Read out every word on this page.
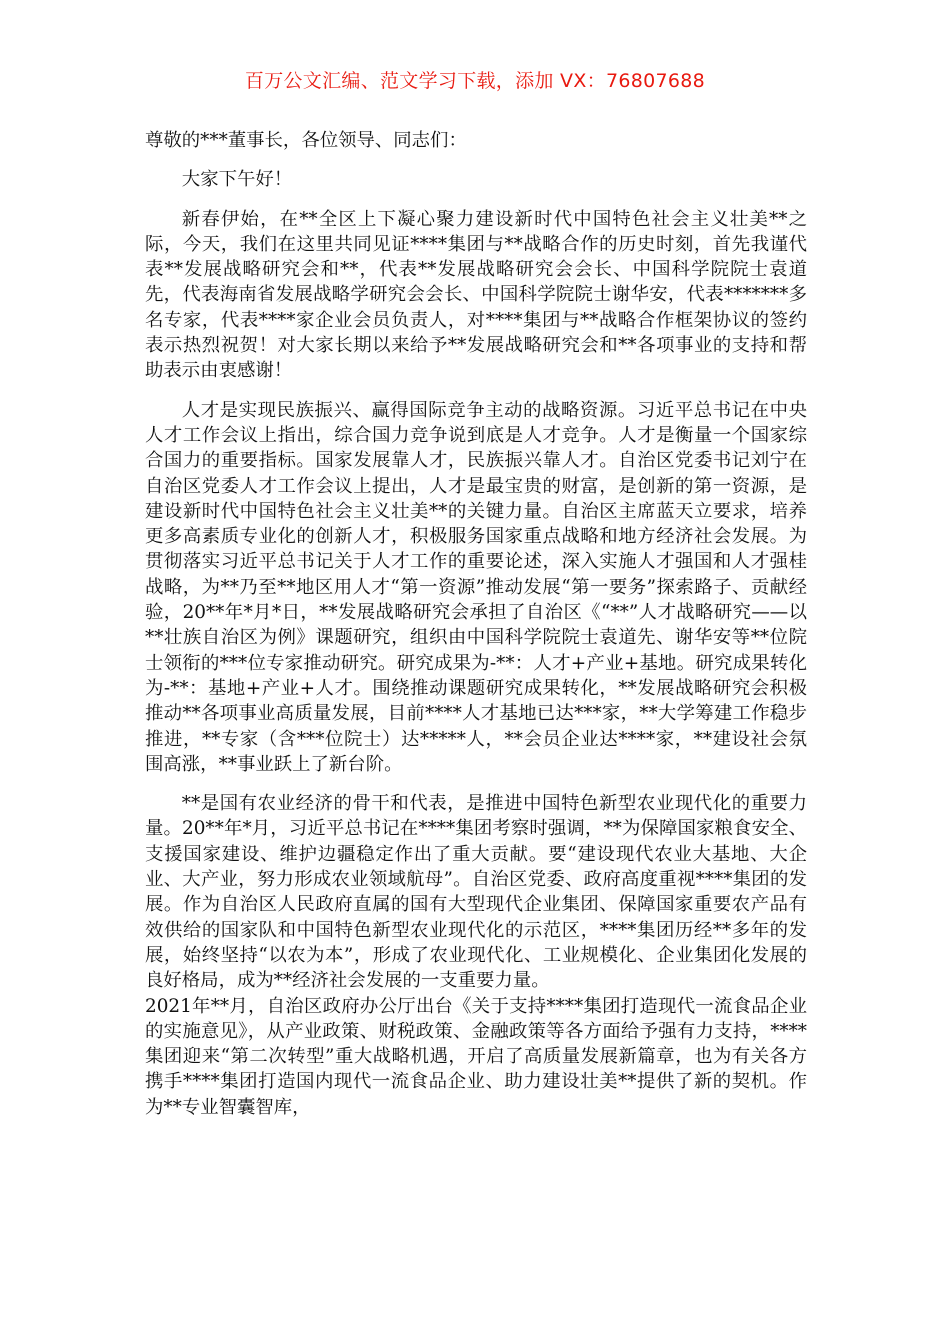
百万公文汇编、范文学习下载，添加 VX：76807688

尊敬的***董事长，各位领导、同志们：

大家下午好！

新春伊始，在**全区上下凝心聚力建设新时代中国特色社会主义壮美**之际，今天，我们在这里共同见证****集团与**战略合作的历史时刻，首先我谨代表**发展战略研究会和**，代表**发展战略研究会会长、中国科学院院士袁道先，代表海南省发展战略学研究会会长、中国科学院院士谢华安，代表*******多名专家，代表****家企业会员负责人，对****集团与**战略合作框架协议的签约表示热烈祝贺！对大家长期以来给予**发展战略研究会和**各项事业的支持和帮助表示由衷感谢！

人才是实现民族振兴、赢得国际竞争主动的战略资源。习近平总书记在中央人才工作会议上指出，综合国力竞争说到底是人才竞争。人才是衡量一个国家综合国力的重要指标。国家发展靠人才，民族振兴靠人才。自治区党委书记刘宁在自治区党委人才工作会议上提出，人才是最宝贵的财富，是创新的第一资源，是建设新时代中国特色社会主义壮美**的关键力量。自治区主席蓝天立要求，培养更多高素质专业化的创新人才，积极服务国家重点战略和地方经济社会发展。为贯彻落实习近平总书记关于人才工作的重要论述，深入实施人才强国和人才强桂战略，为**乃至**地区用人才“第一资源”推动发展“第一要务”探索路子、贡献经验，20**年*月*日，**发展战略研究会承担了自治区《“**”人才战略研究——以**壮族自治区为例》课题研究，组织由中国科学院院士袁道先、谢华安等**位院士领衔的***位专家推动研究。研究成果为-**：人才+产业+基地。研究成果转化为-**：基地+产业+人才。围绕推动课题研究成果转化，**发展战略研究会积极推动**各项事业高质量发展，目前****人才基地已达***家，**大学筹建工作稳步推进，**专家（含***位院士）达*****人，**会员企业达****家，**建设社会氛围高涨，**事业跃上了新台阶。

**是国有农业经济的骨干和代表，是推进中国特色新型农业现代化的重要力量。20**年*月，习近平总书记在****集团考察时强调，**为保障国家粮食安全、支援国家建设、维护边疆稳定作出了重大贡献。要“建设现代农业大基地、大企业、大产业，努力形成农业领域航母”。自治区党委、政府高度重视****集团的发展。作为自治区人民政府直属的国有大型现代企业集团、保障国家重要农产品有效供给的国家队和中国特色新型农业现代化的示范区，****集团历经**多年的发展，始终坚持“以农为本”，形成了农业现代化、工业规模化、企业集团化发展的良好格局，成为**经济社会发展的一支重要力量。

2021年**月，自治区政府办公厅出台《关于支持****集团打造现代一流食品企业的实施意见》，从产业政策、财税政策、金融政策等各方面给予强有力支持，****集团迎来“第二次转型”重大战略机遇，开启了高质量发展新篇章，也为有关各方携手****集团打造国内现代一流食品企业、助力建设壮美**提供了新的契机。作为**专业智囊智库，
